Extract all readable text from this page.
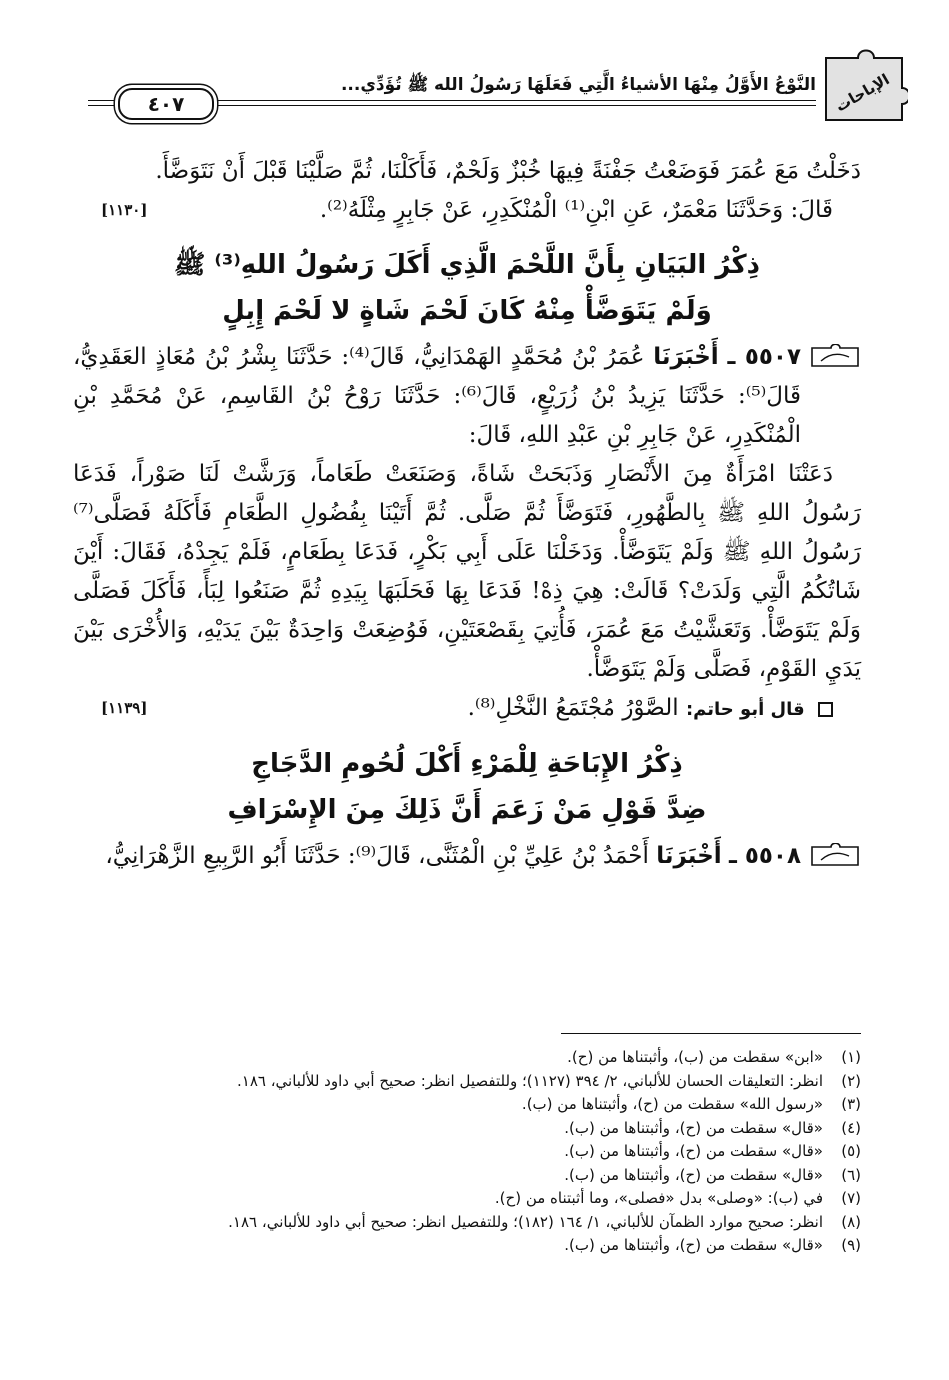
الإباحات
النَّوْعُ الأَوَّلُ مِنْهَا الأشياءُ الَّتِي فَعَلَهَا رَسُولُ الله ﷺ تُؤَدِّي...
٤٠٧

دَخَلْتُ مَعَ عُمَرَ فَوَضَعْتُ جَفْنَةً فِيهَا خُبْزٌ وَلَحْمٌ، فَأَكَلْنَا، ثُمَّ صَلَّيْنَا قَبْلَ أَنْ نَتَوَضَّأَ.

قَالَ: وَحَدَّثَنَا مَعْمَرٌ، عَنِ ابْنِ⁽¹⁾ الْمُنْكَدِرِ، عَنْ جَابِرٍ مِثْلَهُ⁽²⁾.
[١١٣٠]

ذِكْرُ البَيَانِ بِأَنَّ اللَّحْمَ الَّذِي أَكَلَ رَسُولُ اللهِ⁽³⁾ ﷺ
وَلَمْ يَتَوَضَّأْ مِنْهُ كَانَ لَحْمَ شَاةٍ لا لَحْمَ إِبِلٍ

٥٥٠٧ ـ أَخْبَرَنَا عُمَرُ بْنُ مُحَمَّدٍ الهَمْدَانِيُّ، قَالَ⁽⁴⁾: حَدَّثَنَا بِشْرُ بْنُ مُعَاذٍ العَقَدِيُّ، قَالَ⁽⁵⁾: حَدَّثَنَا يَزِيدُ بْنُ زُرَيْعٍ، قَالَ⁽⁶⁾: حَدَّثَنَا رَوْحُ بْنُ القَاسِمِ، عَنْ مُحَمَّدِ بْنِ الْمُنْكَدِرِ، عَنْ جَابِرِ بْنِ عَبْدِ اللهِ، قَالَ:

دَعَتْنَا امْرَأَةٌ مِنَ الأَنْصَارِ وَذَبَحَتْ شَاةً، وَصَنَعَتْ طَعَاماً، وَرَشَّتْ لَنَا صَوْراً، فَدَعَا رَسُولُ اللهِ ﷺ بِالطَّهُورِ، فَتَوَضَّأَ ثُمَّ صَلَّى. ثُمَّ أَتَيْنَا بِفُضُولِ الطَّعَامِ فَأَكَلَهُ فَصَلَّى⁽⁷⁾ رَسُولُ اللهِ ﷺ وَلَمْ يَتَوَضَّأْ. وَدَخَلْنَا عَلَى أَبِي بَكْرٍ، فَدَعَا بِطَعَامٍ، فَلَمْ يَجِدْهُ، فَقَالَ: أَيْنَ شَاتُكُمُ الَّتِي وَلَدَتْ؟ قَالَتْ: هِيَ ذِهْ! فَدَعَا بِهَا فَحَلَبَهَا بِيَدِهِ ثُمَّ صَنَعُوا لِبَأً، فَأَكَلَ فَصَلَّى وَلَمْ يَتَوَضَّأْ. وَتَعَشَّيْتُ مَعَ عُمَرَ، فَأُتِيَ بِقَصْعَتَيْنِ، فَوُضِعَتْ وَاحِدَةٌ بَيْنَ يَدَيْهِ، وَالأُخْرَى بَيْنَ يَدَيِ القَوْمِ، فَصَلَّى وَلَمْ يَتَوَضَّأْ.

قال أبو حاتم: الصَّوْرُ مُجْتَمَعُ النَّخْلِ⁽⁸⁾.
[١١٣٩]

ذِكْرُ الإِبَاحَةِ لِلْمَرْءِ أَكْلَ لُحُومِ الدَّجَاجِ
ضِدَّ قَوْلِ مَنْ زَعَمَ أَنَّ ذَلِكَ مِنَ الإِسْرَافِ

٥٥٠٨ ـ أَخْبَرَنَا أَحْمَدُ بْنُ عَلِيِّ بْنِ الْمُثَنَّى، قَالَ⁽⁹⁾: حَدَّثَنَا أَبُو الرَّبِيعِ الزَّهْرَانِيُّ،

(١)
«ابن» سقطت من (ب)، وأثبتناها من (ح).
(٢)
انظر: التعليقات الحسان للألباني، ٢/ ٣٩٤ (١١٢٧)؛ وللتفصيل انظر: صحيح أبي داود للألباني، ١٨٦.
(٣)
«رسول الله» سقطت من (ح)، وأثبتناها من (ب).
(٤)
«قال» سقطت من (ح)، وأثبتناها من (ب).
(٥)
«قال» سقطت من (ح)، وأثبتناها من (ب).
(٦)
«قال» سقطت من (ح)، وأثبتناها من (ب).
(٧)
في (ب): «وصلى» بدل «فصلى»، وما أثبتناه من (ح).
(٨)
انظر: صحيح موارد الظمآن للألباني، ١/ ١٦٤ (١٨٢)؛ وللتفصيل انظر: صحيح أبي داود للألباني، ١٨٦.
(٩)
«قال» سقطت من (ح)، وأثبتناها من (ب).
